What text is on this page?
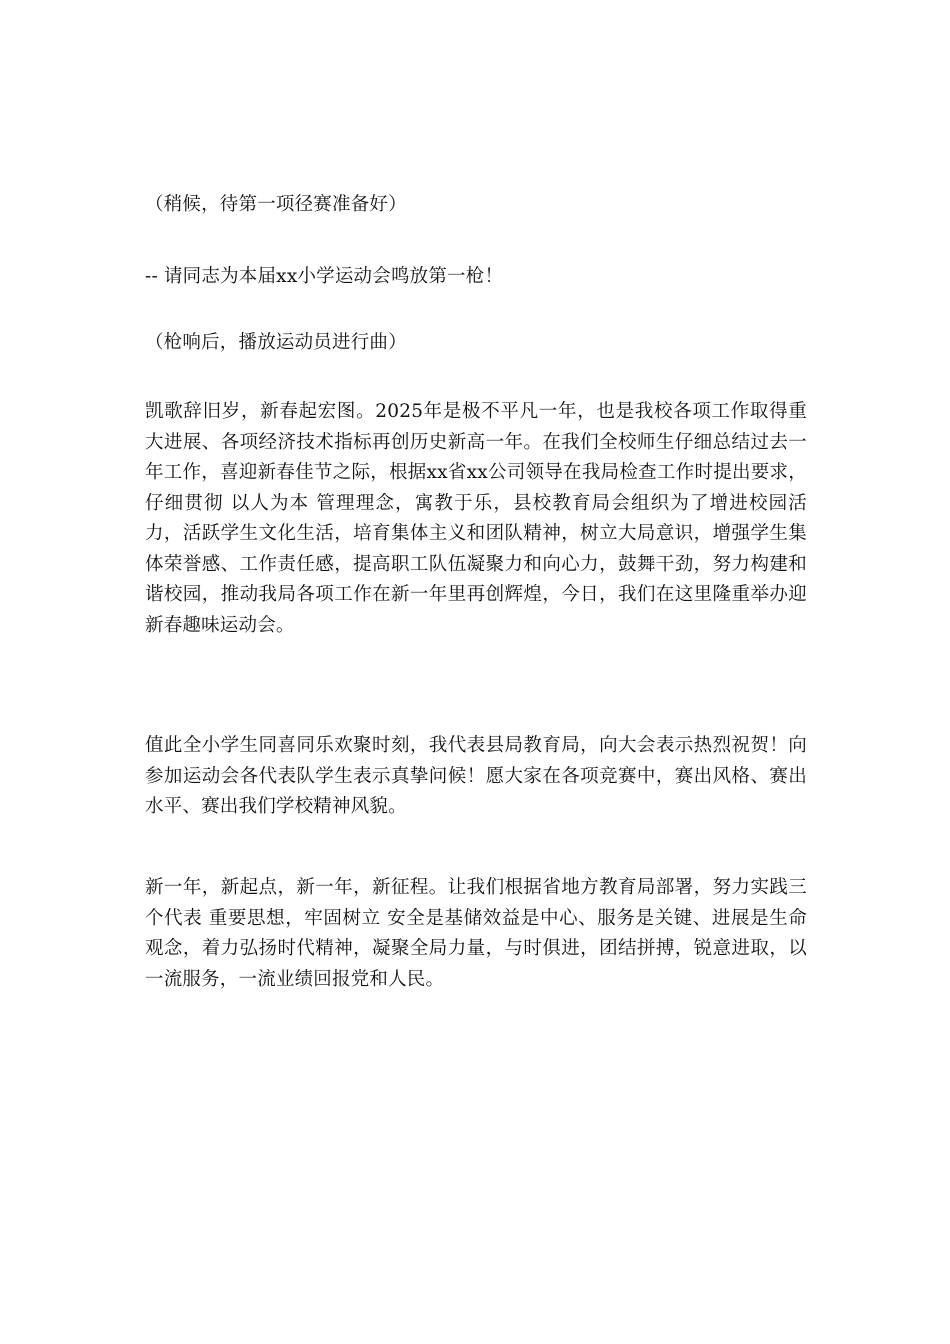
（稍候，待第一项径赛准备好）
-- 请同志为本届xx小学运动会鸣放第一枪！
（枪响后，播放运动员进行曲）
凯歌辞旧岁，新春起宏图。2025年是极不平凡一年，也是我校各项工作取得重大进展、各项经济技术指标再创历史新高一年。在我们全校师生仔细总结过去一年工作，喜迎新春佳节之际，根据xx省xx公司领导在我局检查工作时提出要求，仔细贯彻 以人为本 管理理念，寓教于乐，县校教育局会组织为了增进校园活力，活跃学生文化生活，培育集体主义和团队精神，树立大局意识，增强学生集体荣誉感、工作责任感，提高职工队伍凝聚力和向心力，鼓舞干劲，努力构建和谐校园，推动我局各项工作在新一年里再创辉煌，今日，我们在这里隆重举办迎新春趣味运动会。
值此全小学生同喜同乐欢聚时刻，我代表县局教育局，向大会表示热烈祝贺！向参加运动会各代表队学生表示真挚问候！愿大家在各项竞赛中，赛出风格、赛出水平、赛出我们学校精神风貌。
新一年，新起点，新一年，新征程。让我们根据省地方教育局部署，努力实践三个代表 重要思想，牢固树立 安全是基储效益是中心、服务是关键、进展是生命 观念，着力弘扬时代精神，凝聚全局力量，与时俱进，团结拼搏，锐意进取，以一流服务，一流业绩回报党和人民。
